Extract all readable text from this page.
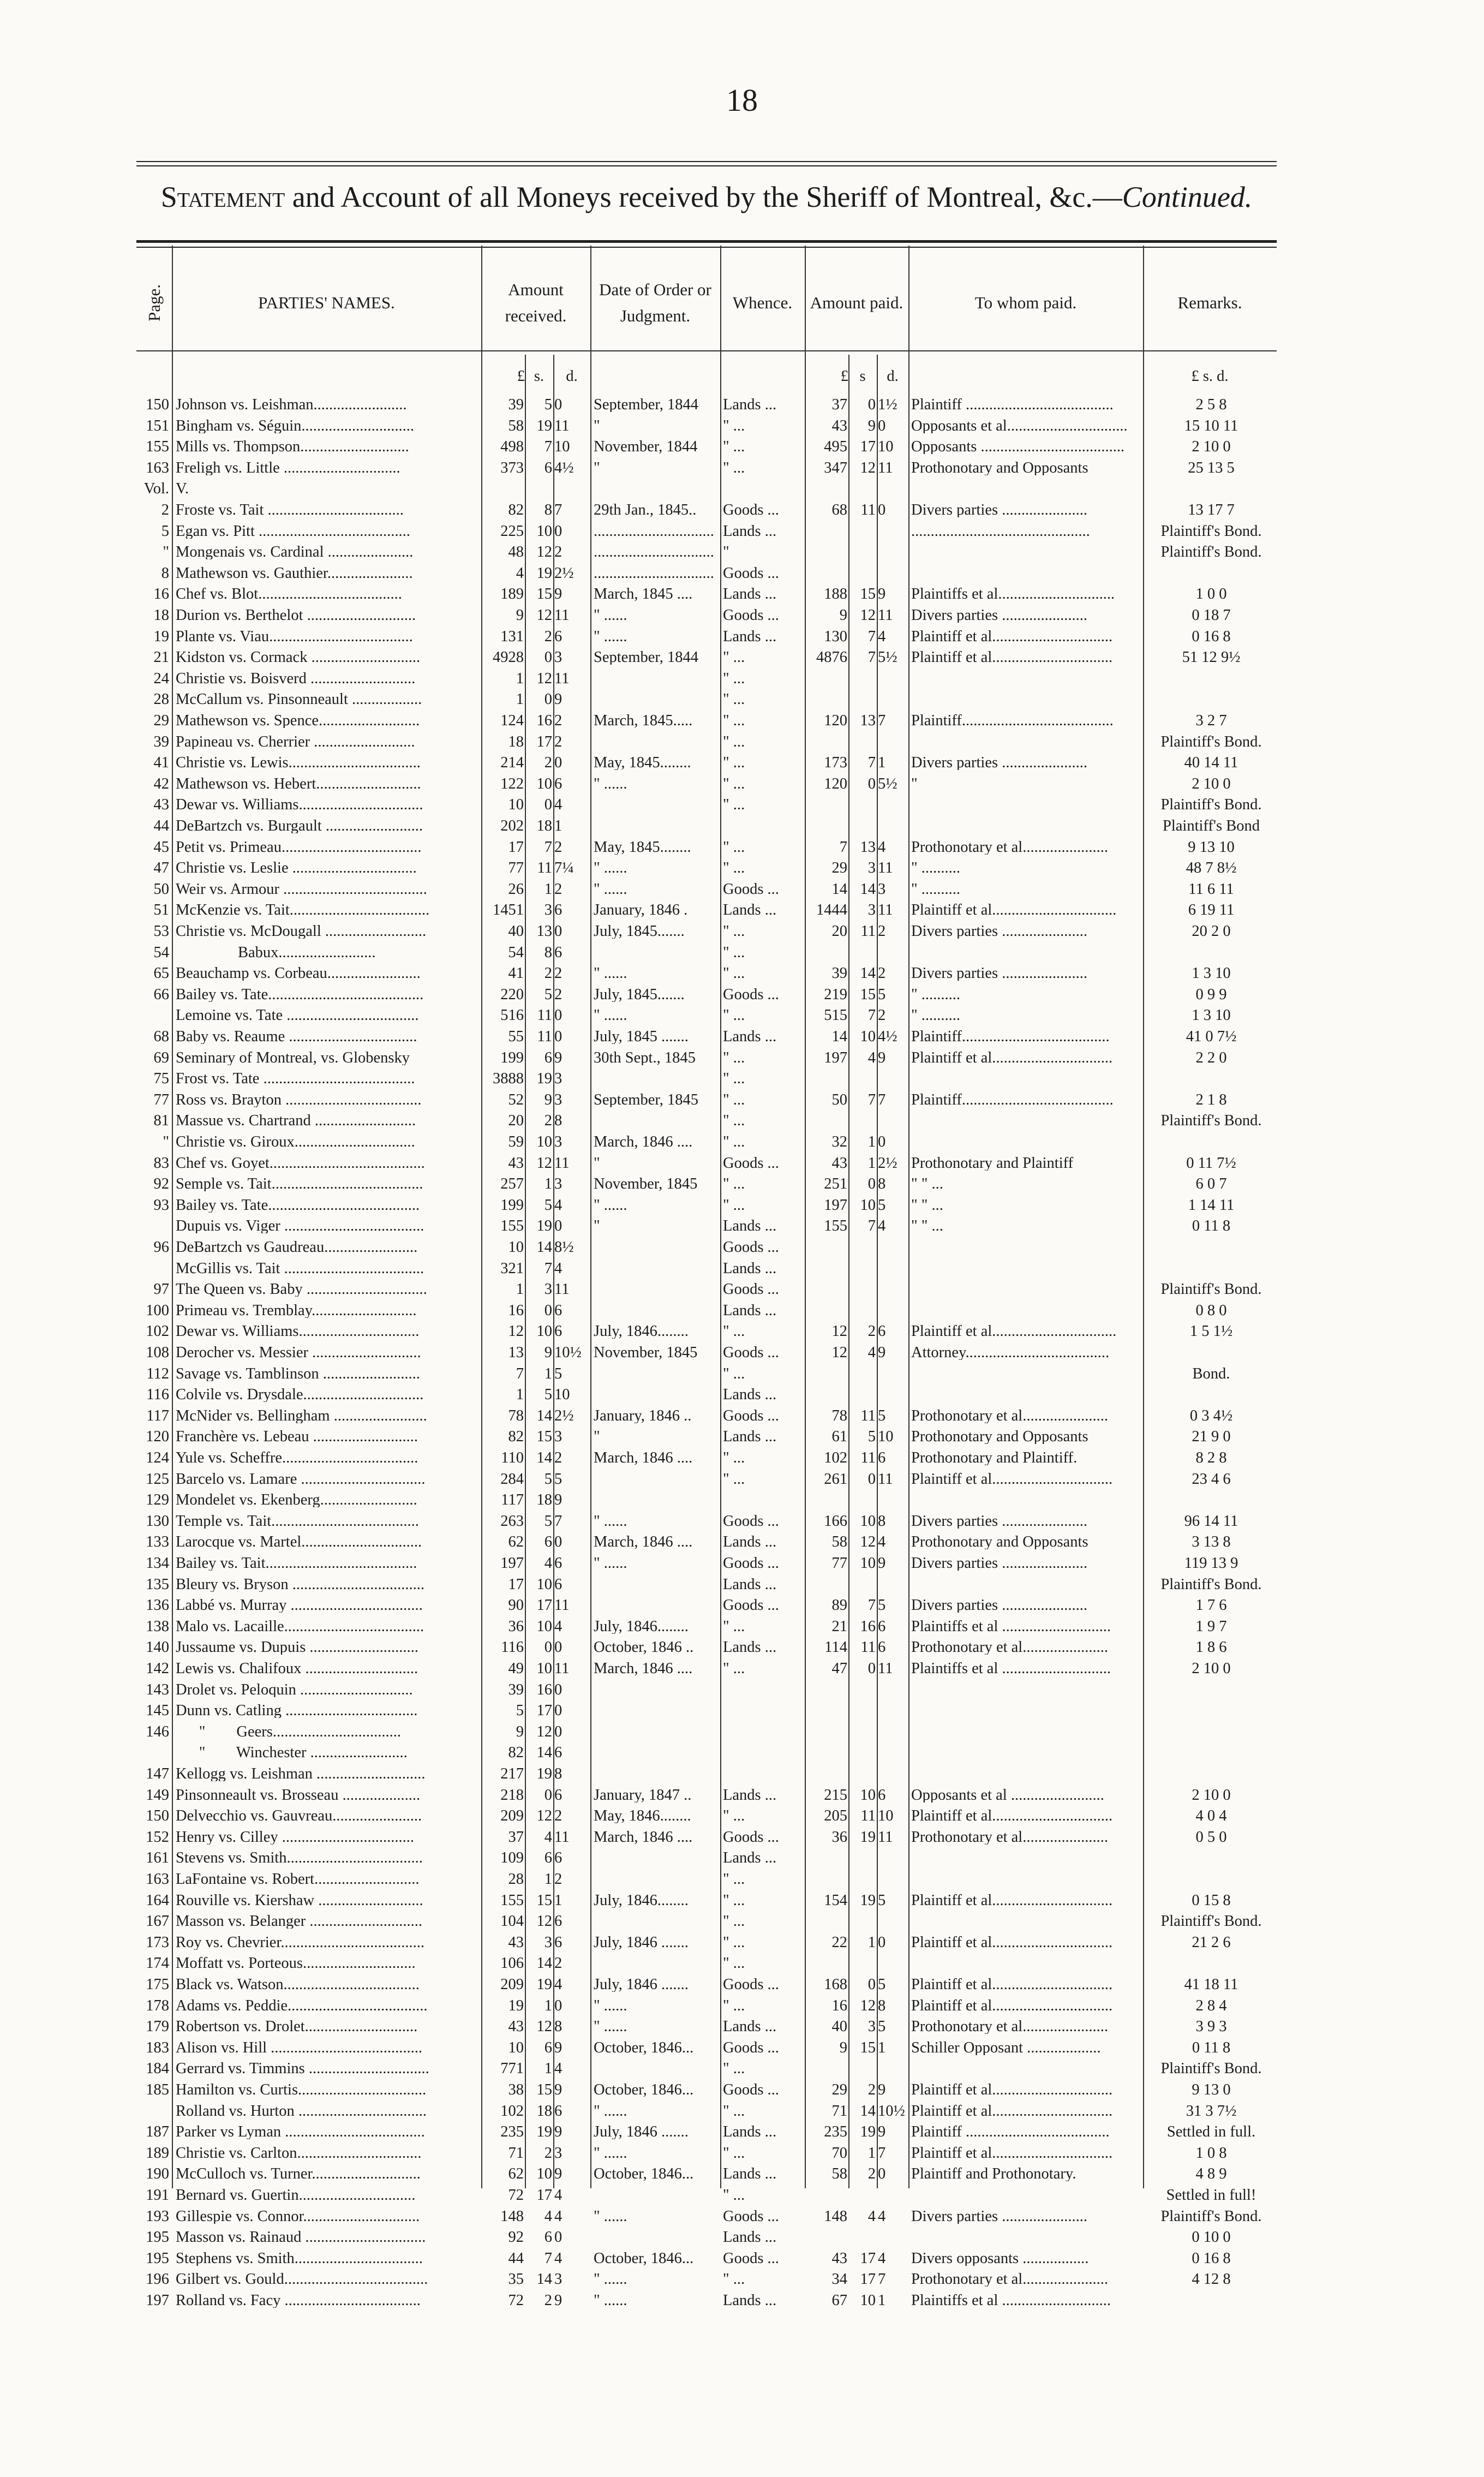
18
Statement and Account of all Moneys received by the Sheriff of Montreal, &c.—Continued.
Page.	PARTIES' NAMES.
Amount received.
Date of Order or Judgment.
Whence.	Amount paid.	To whom paid.	Remarks.
£ s.	d.	£ s	d.	£ s. d.
150 Johnson vs. Leishman........................	39	5 0	September, 1844	Lands ...	37	0 1½ Plaintiff ......................................	2 5 8
151 Bingham vs. Séguin.............................	58 19 11	"	" ...	43	9 0	Opposants et al...............................	15 10 11
155 Mills vs. Thompson............................	498	7 10	November, 1844	" ...	495 17 10	Opposants .....................................	2 10 0
163 Freligh vs. Little ..............................	373	6 4½	"	" ...	347 12 11	Prothonotary and Opposants	25 13 5
Vol. V.
2 Froste vs. Tait ...................................	82	8 7	29th Jan., 1845..	Goods ...	68 11 0	Divers parties ......................	13 17 7
5 Egan vs. Pitt .......................................	225 10 0	............................... Lands ...	..............................................	Plaintiff's Bond.
" Mongenais vs. Cardinal ......................	48 12 2	............................... "	Plaintiff's Bond.
8 Mathewson vs. Gauthier......................	4 19 2½	............................... Goods ...
16 Chef vs. Blot.....................................	189 15 9	March, 1845 ....	Lands ...	188 15 9	Plaintiffs et al..............................	1 0 0
18 Durion vs. Berthelot ............................	9 12 11	" ......	Goods ...	9 12 11	Divers parties ......................	0 18 7
19 Plante vs. Viau.....................................	131	2 6	" ......	Lands ...	130	7 4	Plaintiff et al...............................	0 16 8
21 Kidston vs. Cormack ............................	4928	0 3	September, 1844	" ...	4876	7 5½ Plaintiff et al...............................	51 12 9½
24 Christie vs. Boisverd ...........................	1 12 11	" ...
28 McCallum vs. Pinsonneault ..................	1	0 9	" ...
29 Mathewson vs. Spence..........................	124 16 2	March, 1845.....	" ...	120 13 7	Plaintiff.......................................	3 2 7
39 Papineau vs. Cherrier ..........................	18 17 2	" ...	Plaintiff's Bond.
41 Christie vs. Lewis..................................	214	2 0	May, 1845........	" ...	173	7 1	Divers parties ......................	40 14 11
42 Mathewson vs. Hebert...........................	122 10 6	" ......	" ...	120	0 5½ "	2 10 0
43 Dewar vs. Williams................................	10	0 4	" ...	Plaintiff's Bond.
44 DeBartzch vs. Burgault .........................	202 18 1	Plaintiff's Bond
45 Petit vs. Primeau....................................	17	7 2	May, 1845........	" ...	7 13 4	Prothonotary et al......................	9 13 10
47 Christie vs. Leslie ................................	77 11 7¼	" ......	" ...	29	3 11	" ..........	48 7 8½
50 Weir vs. Armour .....................................	26	1 2	" ......	Goods ...	14 14 3	" ..........	11 6 11
51 McKenzie vs. Tait....................................	1451	3 6	January, 1846 .	Lands ...	1444	3 11	Plaintiff et al................................	6 19 11
53 Christie vs. McDougall ..........................	40 13 0	July, 1845.......	" ...	20 11 2	Divers parties ......................	20 2 0
54 Babux.........................	54	8 6	" ...
65 Beauchamp vs. Corbeau........................	41	2 2	" ......	" ...	39 14 2	Divers parties ......................	1 3 10
66 Bailey vs. Tate........................................	220	5 2	July, 1845.......	Goods ...	219 15 5	" ..........	0 9 9
Lemoine vs. Tate ..................................	516 11 0	" ......	" ...	515	7 2	" ..........	1 3 10
68 Baby vs. Reaume .................................	55 11 0	July, 1845 .......	Lands ...	14 10 4½ Plaintiff......................................	41 0 7½
69 Seminary of Montreal, vs. Globensky	199	6 9	30th Sept., 1845	" ...	197	4 9	Plaintiff et al...............................	2 2 0
75 Frost vs. Tate .......................................	3888 19 3	" ...
77 Ross vs. Brayton ...................................	52	9 3	September, 1845	" ...	50	7 7	Plaintiff.......................................	2 1 8
81 Massue vs. Chartrand ..........................	20	2 8	" ...	Plaintiff's Bond.
" Christie vs. Giroux...............................	59 10 3	March, 1846 ....	" ...	32	1 0
83 Chef vs. Goyet........................................	43 12 11	"	Goods ...	43	1 2½ Prothonotary and Plaintiff	0 11 7½
92 Semple vs. Tait.......................................	257	1 3	November, 1845	" ...	251	0 8	" " ...	6 0 7
93 Bailey vs. Tate.......................................	199	5 4	" ......	" ...	197 10 5	" " ...	1 14 11
Dupuis vs. Viger ....................................	155 19 0	"	Lands ...	155	7 4	" " ...	0 11 8
96 DeBartzch vs Gaudreau........................	10 14 8½	Goods ...
McGillis vs. Tait ....................................	321	7 4	Lands ...
97 The Queen vs. Baby ...............................	1	3 11	Goods ...	Plaintiff's Bond.
100 Primeau vs. Tremblay...........................	16	0 6	Lands ...	0 8 0
102 Dewar vs. Williams...............................	12 10 6	July, 1846........	" ...	12	2 6	Plaintiff et al................................	1 5 1½
108 Derocher vs. Messier ............................	13	9 10½ November, 1845	Goods ...	12	4 9	Attorney.....................................
112 Savage vs. Tamblinson .........................	7	1 5	" ...	Bond.
116 Colvile vs. Drysdale...............................	1	5 10	Lands ...
117 McNider vs. Bellingham ........................	78 14 2½	January, 1846 ..	Goods ...	78 11 5	Prothonotary et al......................	0 3 4½
120 Franchère vs. Lebeau ...........................	82 15 3	"	Lands ...	61	5 10	Prothonotary and Opposants	21 9 0
124 Yule vs. Scheffre...................................	110 14 2	March, 1846 ....	" ...	102 11 6	Prothonotary and Plaintiff.	8 2 8
125 Barcelo vs. Lamare ................................	284	5 5	" ...	261	0 11	Plaintiff et al...............................	23 4 6
129 Mondelet vs. Ekenberg.........................	117 18 9
130 Temple vs. Tait......................................	263	5 7	" ......	Goods ...	166 10 8	Divers parties ......................	96 14 11
133 Larocque vs. Martel...............................	62	6 0	March, 1846 ....	Lands ...	58 12 4	Prothonotary and Opposants	3 13 8
134 Bailey vs. Tait.......................................	197	4 6	" ......	Goods ...	77 10 9	Divers parties ......................	119 13 9
135 Bleury vs. Bryson ..................................	17 10 6	Lands ...	Plaintiff's Bond.
136 Labbé vs. Murray ..................................	90 17 11	Goods ...	89	7 5	Divers parties ......................	1 7 6
138 Malo vs. Lacaille....................................	36 10 4	July, 1846........	" ...	21 16 6	Plaintiffs et al ............................	1 9 7
140 Jussaume vs. Dupuis ............................	116	0 0	October, 1846 ..	Lands ...	114 11 6	Prothonotary et al......................	1 8 6
142 Lewis vs. Chalifoux .............................	49 10 11	March, 1846 ....	" ...	47	0 11	Plaintiffs et al ............................	2 10 0
143 Drolet vs. Peloquin .............................	39 16 0
145 Dunn vs. Catling ..................................	5 17 0
146 "        Geers.................................	9 12 0
"        Winchester .........................	82 14 6
147 Kellogg vs. Leishman ............................	217 19 8
149 Pinsonneault vs. Brosseau ....................	218	0 6	January, 1847 ..	Lands ...	215 10 6	Opposants et al ........................	2 10 0
150 Delvecchio vs. Gauvreau.......................	209 12 2	May, 1846........	" ...	205 11 10	Plaintiff et al...............................	4 0 4
152 Henry vs. Cilley ..................................	37	4 11	March, 1846 ....	Goods ...	36 19 11	Prothonotary et al......................	0 5 0
161 Stevens vs. Smith...................................	109	6 6	Lands ...
163 LaFontaine vs. Robert...........................	28	1 2	" ...
164 Rouville vs. Kiershaw ...........................	155 15 1	July, 1846........	" ...	154 19 5	Plaintiff et al...............................	0 15 8
167 Masson vs. Belanger .............................	104 12 6	" ...	Plaintiff's Bond.
173 Roy vs. Chevrier.....................................	43	3 6	July, 1846 .......	" ...	22	1 0	Plaintiff et al...............................	21 2 6
174 Moffatt vs. Porteous.............................	106 14 2	" ...
175 Black vs. Watson...................................	209 19 4	July, 1846 .......	Goods ...	168	0 5	Plaintiff et al...............................	41 18 11
178 Adams vs. Peddie....................................	19	1 0	" ......	" ...	16 12 8	Plaintiff et al...............................	2 8 4
179 Robertson vs. Drolet.............................	43 12 8	" ......	Lands ...	40	3 5	Prothonotary et al......................	3 9 3
183 Alison vs. Hill .......................................	10	6 9	October, 1846...	Goods ...	9 15 1	Schiller Opposant ...................	0 11 8
184 Gerrard vs. Timmins ...............................	771	1 4	" ...	Plaintiff's Bond.
185 Hamilton vs. Curtis.................................	38 15 9	October, 1846...	Goods ...	29	2 9	Plaintiff et al...............................	9 13 0
Rolland vs. Hurton .................................	102 18 6	" ......	" ...	71 14 10½ Plaintiff et al...............................	31 3 7½
187 Parker vs Lyman ....................................	235 19 9	July, 1846 .......	Lands ...	235 19 9	Plaintiff .....................................	Settled in full.
189 Christie vs. Carlton................................	71	2 3	" ......	" ...	70	1 7	Plaintiff et al...............................	1 0 8
190 McCulloch vs. Turner............................	62 10 9	October, 1846...	Lands ...	58	2 0	Plaintiff and Prothonotary.	4 8 9
191 Bernard vs. Guertin..............................	72 17 4	" ...	Settled in full!
193 Gillespie vs. Connor..............................	148	4 4	" ......	Goods ...	148	4 4	Divers parties ......................	Plaintiff's Bond.
195 Masson vs. Rainaud ...............................	92	6 0	Lands ...	0 10 0
195 Stephens vs. Smith.................................	44	7 4	October, 1846...	Goods ...	43 17 4	Divers opposants .................	0 16 8
196 Gilbert vs. Gould.....................................	35 14 3	" ......	" ...	34 17 7	Prothonotary et al......................	4 12 8
197 Rolland vs. Facy ...................................	72	2 9	" ......	Lands ...	67 10 1	Plaintiffs et al ............................
